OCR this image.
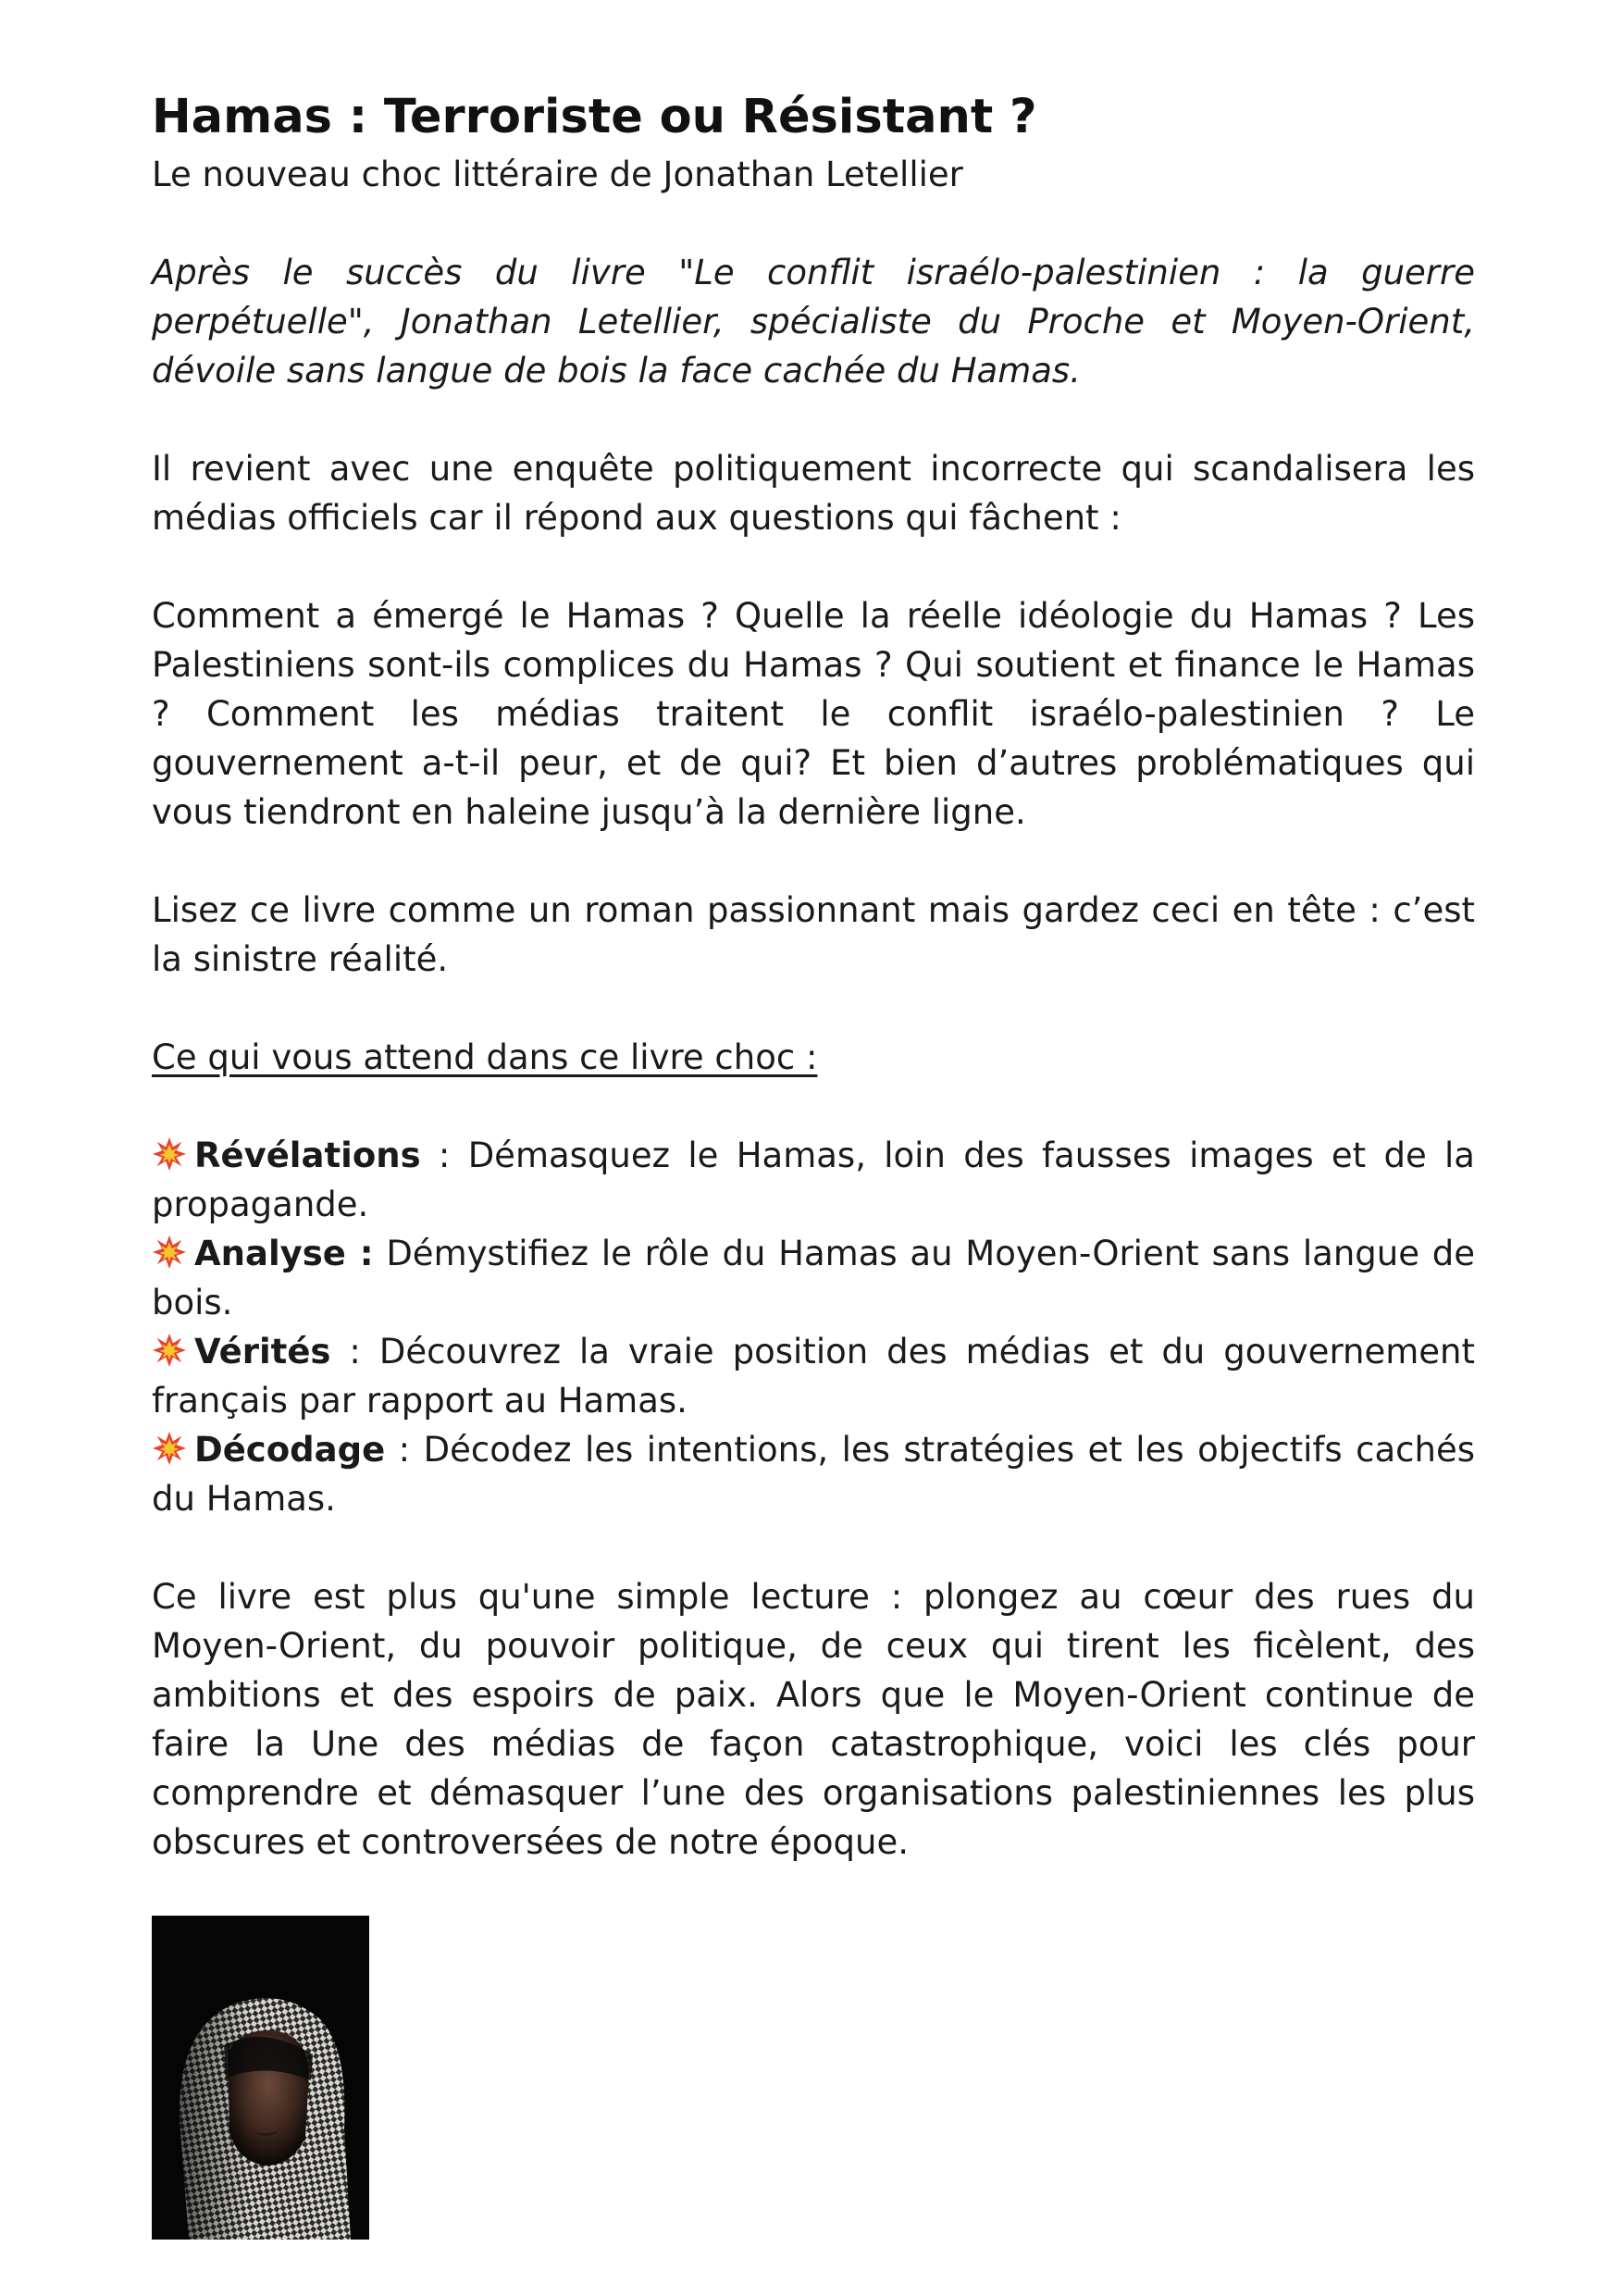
Hamas : Terroriste ou Résistant ?

Le nouveau choc littéraire de Jonathan Letellier

Après le succès du livre "Le conflit israélo-palestinien : la guerre perpétuelle", Jonathan Letellier, spécialiste du Proche et Moyen-Orient, dévoile sans langue de bois la face cachée du Hamas.

Il revient avec une enquête politiquement incorrecte qui scandalisera les médias officiels car il répond aux questions qui fâchent :

Comment a émergé le Hamas ? Quelle la réelle idéologie du Hamas ? Les Palestiniens sont-ils complices du Hamas ? Qui soutient et finance le Hamas ? Comment les médias traitent le conflit israélo-palestinien ? Le gouvernement a-t-il peur, et de qui? Et bien d’autres problématiques qui vous tiendront en haleine jusqu’à la dernière ligne.

Lisez ce livre comme un roman passionnant mais gardez ceci en tête : c’est la sinistre réalité.

Ce qui vous attend dans ce livre choc :

Révélations : Démasquez le Hamas, loin des fausses images et de la propagande.
Analyse : Démystifiez le rôle du Hamas au Moyen-Orient sans langue de bois.
Vérités : Découvrez la vraie position des médias et du gouvernement français par rapport au Hamas.
Décodage : Décodez les intentions, les stratégies et les objectifs cachés du Hamas.

Ce livre est plus qu'une simple lecture : plongez au cœur des rues du Moyen-Orient, du pouvoir politique, de ceux qui tirent les ficèlent, des ambitions et des espoirs de paix. Alors que le Moyen-Orient continue de faire la Une des médias de façon catastrophique, voici les clés pour comprendre et démasquer l’une des organisations palestiniennes les plus obscures et controversées de notre époque.
